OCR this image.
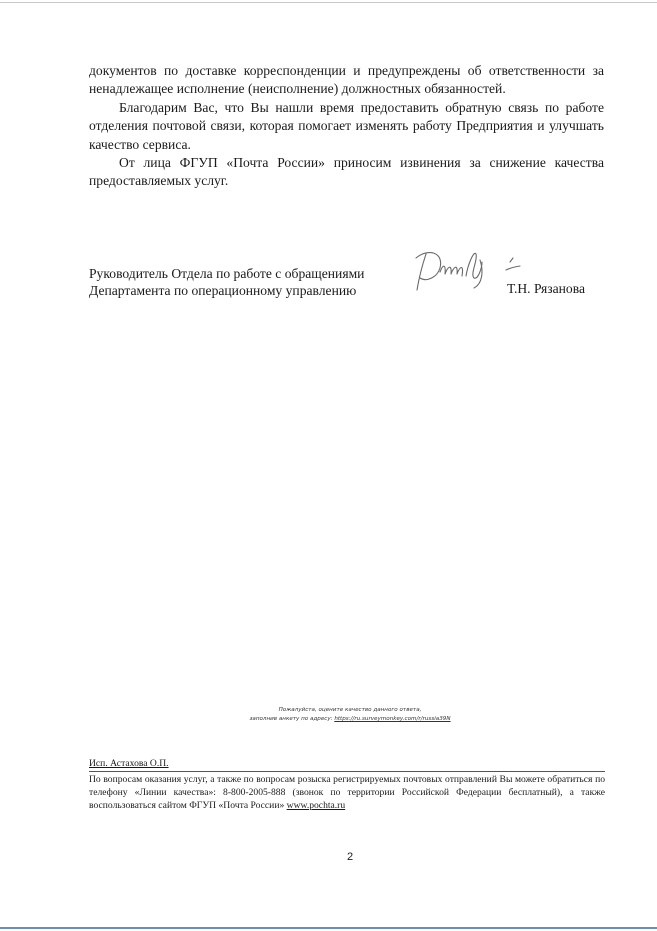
документов по доставке корреспонденции и предупреждены об ответственности за ненадлежащее исполнение (неисполнение) должностных обязанностей.

Благодарим Вас, что Вы нашли время предоставить обратную связь по работе отделения почтовой связи, которая помогает изменять работу Предприятия и улучшать качество сервиса.

От лица ФГУП «Почта России» приносим извинения за снижение качества предоставляемых услуг.

Руководитель Отдела по работе с обращениями
Департамента по операционному управлению	Т.Н. Рязанова
Пожалуйста, оцените качество данного ответа,
заполнив анкету по адресу: https://ru.surveymonkey.com/r/russia39N
Исп. Астахова О.П.
По вопросам оказания услуг, а также по вопросам розыска регистрируемых почтовых отправлений Вы можете обратиться по телефону «Линии качества»: 8-800-2005-888 (звонок по территории Российской Федерации бесплатный), а также воспользоваться сайтом ФГУП «Почта России» www.pochta.ru
2
